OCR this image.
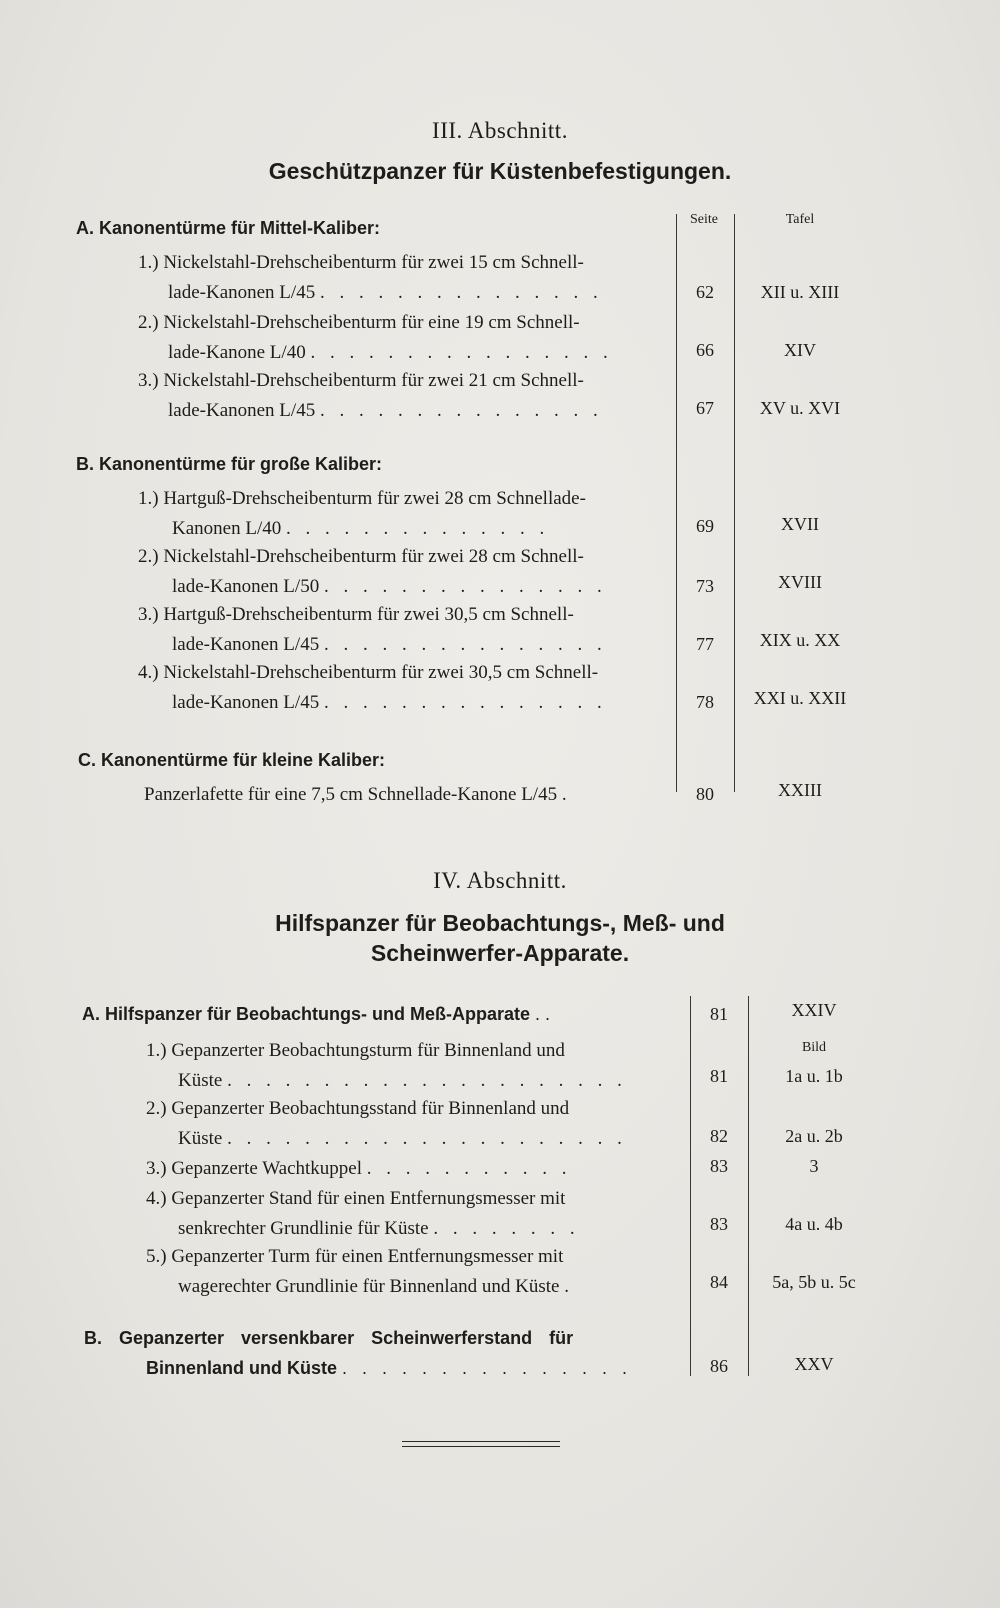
III. Abschnitt.
Geschützpanzer für Küstenbefestigungen.
Seite	Tafel
A. Kanonentürme für Mittel-Kaliber:
1.) Nickelstahl-Drehscheibenturm für zwei 15 cm Schnell-
lade-Kanonen L/45 . . . . . . . . . . . . . . .	62	XII u. XIII
2.) Nickelstahl-Drehscheibenturm für eine 19 cm Schnell-
lade-Kanone L/40 . . . . . . . . . . . . . . . .	66	XIV
3.) Nickelstahl-Drehscheibenturm für zwei 21 cm Schnell-
lade-Kanonen L/45 . . . . . . . . . . . . . . .	67	XV u. XVI
B. Kanonentürme für große Kaliber:
1.) Hartguß-Drehscheibenturm für zwei 28 cm Schnellade-
Kanonen L/40 . . . . . . . . . . . . . .	69	XVII
2.) Nickelstahl-Drehscheibenturm für zwei 28 cm Schnell-
lade-Kanonen L/50 . . . . . . . . . . . . . . .	73	XVIII
3.) Hartguß-Drehscheibenturm für zwei 30,5 cm Schnell-
lade-Kanonen L/45 . . . . . . . . . . . . . . .	77	XIX u. XX
4.) Nickelstahl-Drehscheibenturm für zwei 30,5 cm Schnell-
lade-Kanonen L/45 . . . . . . . . . . . . . . .	78	XXI u. XXII
C. Kanonentürme für kleine Kaliber:
Panzerlafette für eine 7,5 cm Schnellade-Kanone L/45 .	80	XXIII
IV. Abschnitt.
Hilfspanzer für Beobachtungs-, Meß- und
Scheinwerfer-Apparate.
A. Hilfspanzer für Beobachtungs- und Meß-Apparate . .	81	XXIV
Bild
1.) Gepanzerter Beobachtungsturm für Binnenland und
Küste . . . . . . . . . . . . . . . . . . . . .	81	1a u. 1b
2.) Gepanzerter Beobachtungsstand für Binnenland und
Küste . . . . . . . . . . . . . . . . . . . . .	82	2a u. 2b
3.) Gepanzerte Wachtkuppel . . . . . . . . . . .	83	3
4.) Gepanzerter Stand für einen Entfernungsmesser mit
senkrechter Grundlinie für Küste . . . . . . . .	83	4a u. 4b
5.) Gepanzerter Turm für einen Entfernungsmesser mit
wagerechter Grundlinie für Binnenland und Küste .	84	5a, 5b u. 5c
B. Gepanzerter versenkbarer Scheinwerferstand für
Binnenland und Küste . . . . . . . . . . . . . . .	86	XXV
